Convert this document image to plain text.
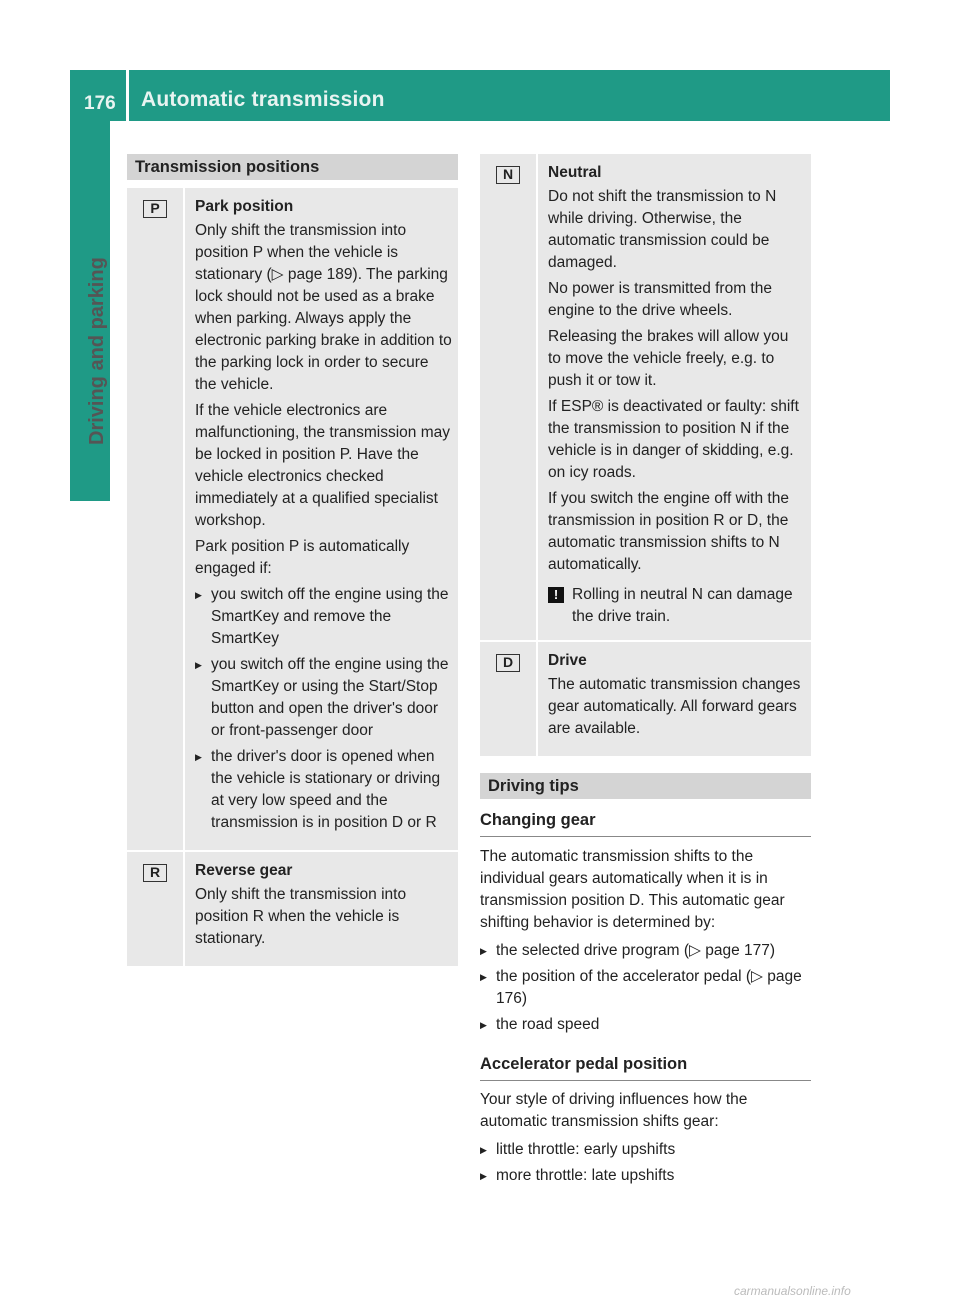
176 Automatic transmission
Driving and parking
Transmission positions
P	Park position
Only shift the transmission into position P when the vehicle is stationary (▷ page 189). The parking lock should not be used as a brake when parking. Always apply the electronic parking brake in addition to the parking lock in order to secure the vehicle.
If the vehicle electronics are malfunctioning, the transmission may be locked in position P. Have the vehicle electronics checked immediately at a qualified specialist workshop.
Park position P is automatically engaged if:
▶ you switch off the engine using the SmartKey and remove the SmartKey
▶ you switch off the engine using the SmartKey or using the Start/Stop button and open the driver's door or front-passenger door
▶ the driver's door is opened when the vehicle is stationary or driving at very low speed and the transmission is in position D or R
R	Reverse gear
Only shift the transmission into position R when the vehicle is stationary.
N	Neutral
Do not shift the transmission to N while driving. Otherwise, the automatic transmission could be damaged.
No power is transmitted from the engine to the drive wheels.
Releasing the brakes will allow you to move the vehicle freely, e.g. to push it or tow it.
If ESP® is deactivated or faulty: shift the transmission to position N if the vehicle is in danger of skidding, e.g. on icy roads.
If you switch the engine off with the transmission in position R or D, the automatic transmission shifts to N automatically.
! Rolling in neutral N can damage the drive train.
D	Drive
The automatic transmission changes gear automatically. All forward gears are available.
Driving tips
Changing gear
The automatic transmission shifts to the individual gears automatically when it is in transmission position D. This automatic gear shifting behavior is determined by:
▶ the selected drive program (▷ page 177)
▶ the position of the accelerator pedal (▷ page 176)
▶ the road speed
Accelerator pedal position
Your style of driving influences how the automatic transmission shifts gear:
▶ little throttle: early upshifts
▶ more throttle: late upshifts
carmanualsonline.info
